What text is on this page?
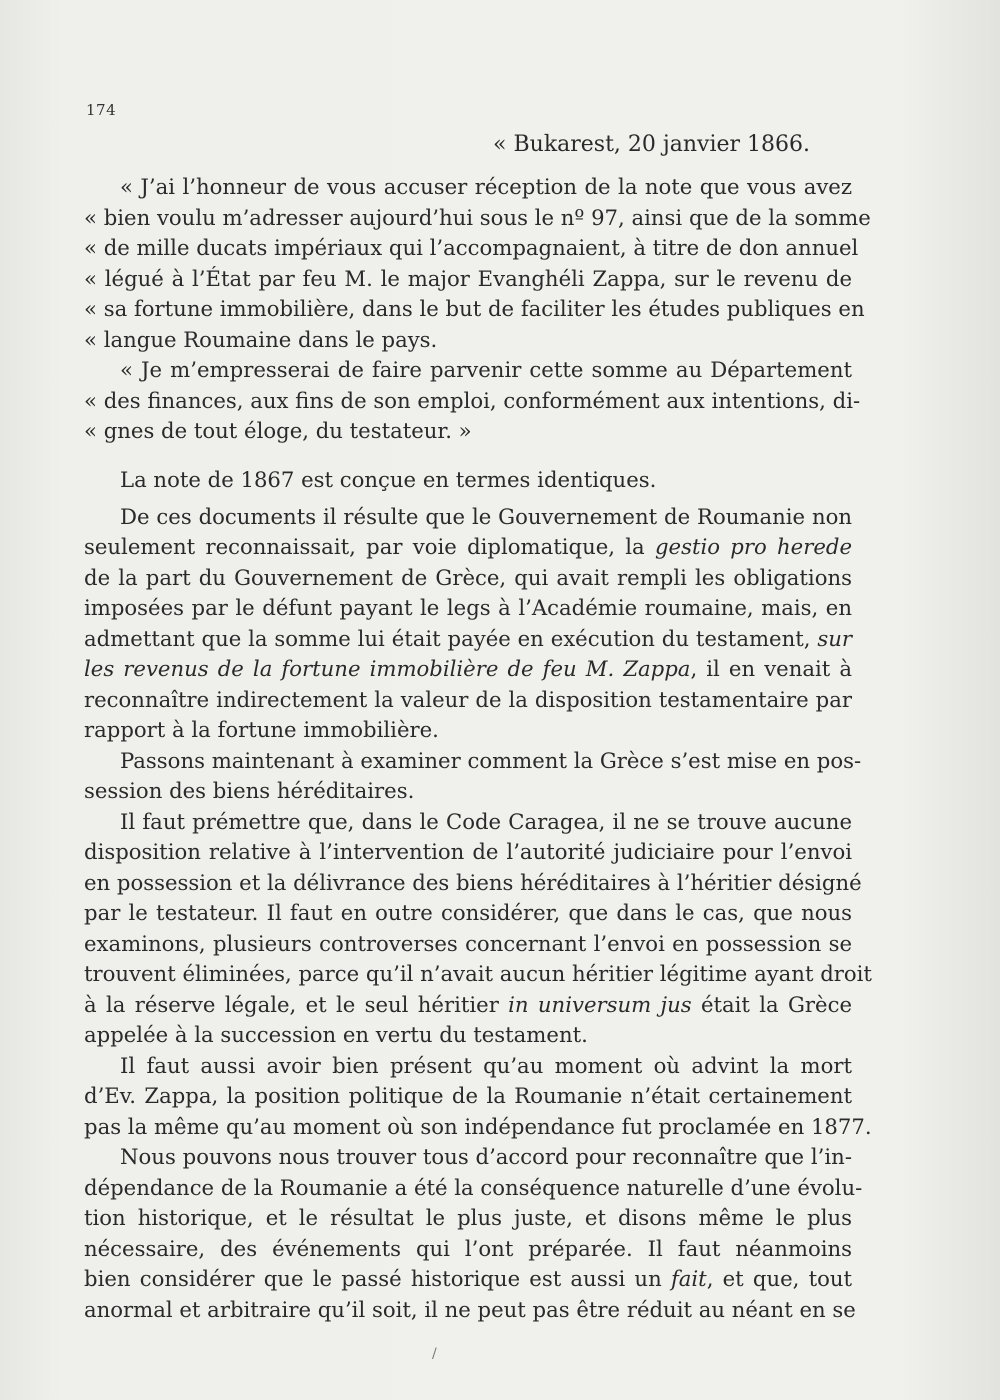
174
« Bukarest, 20 janvier 1866.
« J’ai l’honneur de vous accuser réception de la note que vous avez
« bien voulu m’adresser aujourd’hui sous le nº 97, ainsi que de la somme
« de mille ducats impériaux qui l’accompagnaient, à titre de don annuel
« légué à l’État par feu M. le major Evanghéli Zappa, sur le revenu de
« sa fortune immobilière, dans le but de faciliter les études publiques en
« langue Roumaine dans le pays.
« Je m’empresserai de faire parvenir cette somme au Département
« des finances, aux fins de son emploi, conformément aux intentions, di-
« gnes de tout éloge, du testateur. »
La note de 1867 est conçue en termes identiques.
De ces documents il résulte que le Gouvernement de Roumanie non
seulement reconnaissait, par voie diplomatique, la gestio pro herede
de la part du Gouvernement de Grèce, qui avait rempli les obligations
imposées par le défunt payant le legs à l’Académie roumaine, mais, en
admettant que la somme lui était payée en exécution du testament, sur
les revenus de la fortune immobilière de feu M. Zappa, il en venait à
reconnaître indirectement la valeur de la disposition testamentaire par
rapport à la fortune immobilière.
Passons maintenant à examiner comment la Grèce s’est mise en pos-
session des biens héréditaires.
Il faut prémettre que, dans le Code Caragea, il ne se trouve aucune
disposition relative à l’intervention de l’autorité judiciaire pour l’envoi
en possession et la délivrance des biens héréditaires à l’héritier désigné
par le testateur. Il faut en outre considérer, que dans le cas, que nous
examinons, plusieurs controverses concernant l’envoi en possession se
trouvent éliminées, parce qu’il n’avait aucun héritier légitime ayant droit
à la réserve légale, et le seul héritier in universum jus était la Grèce
appelée à la succession en vertu du testament.
Il faut aussi avoir bien présent qu’au moment où advint la mort
d’Ev. Zappa, la position politique de la Roumanie n’était certainement
pas la même qu’au moment où son indépendance fut proclamée en 1877.
Nous pouvons nous trouver tous d’accord pour reconnaître que l’in-
dépendance de la Roumanie a été la conséquence naturelle d’une évolu-
tion historique, et le résultat le plus juste, et disons même le plus
nécessaire, des événements qui l’ont préparée. Il faut néanmoins
bien considérer que le passé historique est aussi un fait, et que, tout
anormal et arbitraire qu’il soit, il ne peut pas être réduit au néant en se
/
